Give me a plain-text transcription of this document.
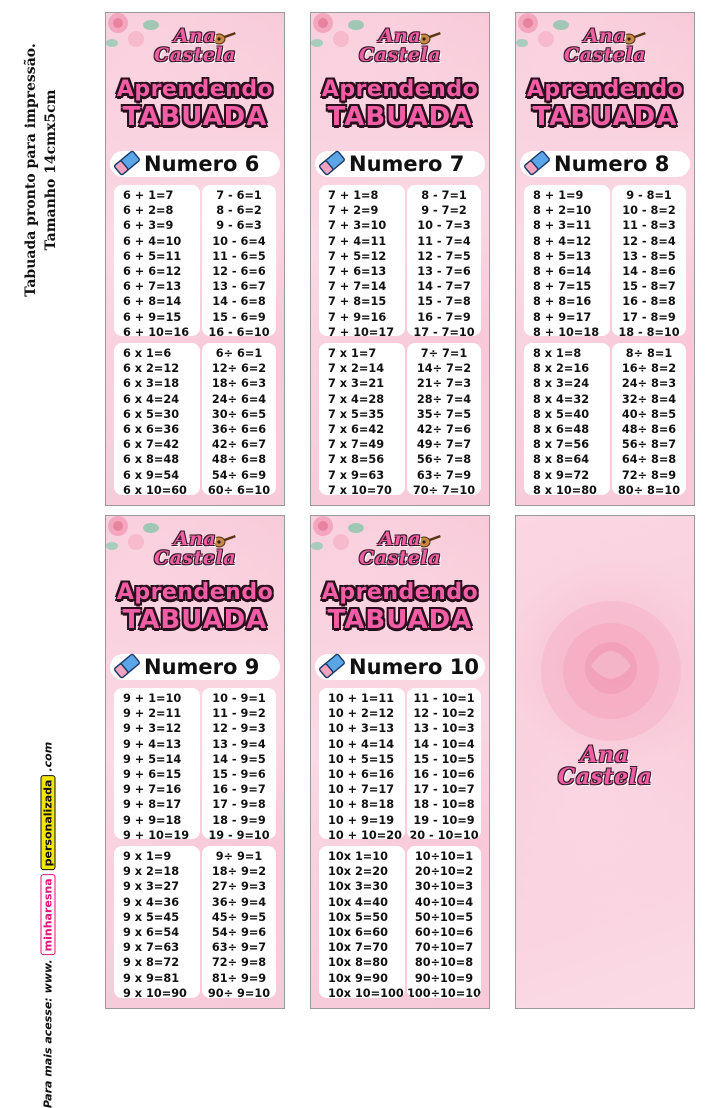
Tabuada pronto para impressão. Tamanho 14cmx5cm
Para mais acesse:
www.
minharesna
personalizada
.com	Ana
Castela
Ana
Castela
Aprendendo
TABUADA
Numero 6
6 + 1=7
6 + 2=8
6 + 3=9
6 + 4=10
6 + 5=11
6 + 6=12
6 + 7=13
6 + 8=14
6 + 9=15
6 + 10=16
7 - 6=1
8 - 6=2
9 - 6=3
10 - 6=4
11 - 6=5
12 - 6=6
13 - 6=7
14 - 6=8
15 - 6=9
16 - 6=10
6 x 1=6
6 x 2=12
6 x 3=18
6 x 4=24
6 x 5=30
6 x 6=36
6 x 7=42
6 x 8=48
6 x 9=54
6 x 10=60
6÷ 6=1
12÷ 6=2
18÷ 6=3
24÷ 6=4
30÷ 6=5
36÷ 6=6
42÷ 6=7
48÷ 6=8
54÷ 6=9
60÷ 6=10
Ana
Castela
Aprendendo
TABUADA
Numero 7
7 + 1=8
7 + 2=9
7 + 3=10
7 + 4=11
7 + 5=12
7 + 6=13
7 + 7=14
7 + 8=15
7 + 9=16
7 + 10=17
8 - 7=1
9 - 7=2
10 - 7=3
11 - 7=4
12 - 7=5
13 - 7=6
14 - 7=7
15 - 7=8
16 - 7=9
17 - 7=10
7 x 1=7
7 x 2=14
7 x 3=21
7 x 4=28
7 x 5=35
7 x 6=42
7 x 7=49
7 x 8=56
7 x 9=63
7 x 10=70
7÷ 7=1
14÷ 7=2
21÷ 7=3
28÷ 7=4
35÷ 7=5
42÷ 7=6
49÷ 7=7
56÷ 7=8
63÷ 7=9
70÷ 7=10
Ana
Castela
Aprendendo
TABUADA
Numero 8
8 + 1=9
8 + 2=10
8 + 3=11
8 + 4=12
8 + 5=13
8 + 6=14
8 + 7=15
8 + 8=16
8 + 9=17
8 + 10=18
9 - 8=1
10 - 8=2
11 - 8=3
12 - 8=4
13 - 8=5
14 - 8=6
15 - 8=7
16 - 8=8
17 - 8=9
18 - 8=10
8 x 1=8
8 x 2=16
8 x 3=24
8 x 4=32
8 x 5=40
8 x 6=48
8 x 7=56
8 x 8=64
8 x 9=72
8 x 10=80
8÷ 8=1
16÷ 8=2
24÷ 8=3
32÷ 8=4
40÷ 8=5
48÷ 8=6
56÷ 8=7
64÷ 8=8
72÷ 8=9
80÷ 8=10
Ana
Castela
Aprendendo
TABUADA
Numero 9
9 + 1=10
9 + 2=11
9 + 3=12
9 + 4=13
9 + 5=14
9 + 6=15
9 + 7=16
9 + 8=17
9 + 9=18
9 + 10=19
10 - 9=1
11 - 9=2
12 - 9=3
13 - 9=4
14 - 9=5
15 - 9=6
16 - 9=7
17 - 9=8
18 - 9=9
19 - 9=10
9 x 1=9
9 x 2=18
9 x 3=27
9 x 4=36
9 x 5=45
9 x 6=54
9 x 7=63
9 x 8=72
9 x 9=81
9 x 10=90
9÷ 9=1
18÷ 9=2
27÷ 9=3
36÷ 9=4
45÷ 9=5
54÷ 9=6
63÷ 9=7
72÷ 9=8
81÷ 9=9
90÷ 9=10
Ana
Castela
Aprendendo
TABUADA
Numero 10
10 + 1=11
10 + 2=12
10 + 3=13
10 + 4=14
10 + 5=15
10 + 6=16
10 + 7=17
10 + 8=18
10 + 9=19
10 + 10=20
11 - 10=1
12 - 10=2
13 - 10=3
14 - 10=4
15 - 10=5
16 - 10=6
17 - 10=7
18 - 10=8
19 - 10=9
20 - 10=10
10x 1=10
10x 2=20
10x 3=30
10x 4=40
10x 5=50
10x 6=60
10x 7=70
10x 8=80
10x 9=90
10x 10=100
10÷10=1
20÷10=2
30÷10=3
40÷10=4
50÷10=5
60÷10=6
70÷10=7
80÷10=8
90÷10=9
100÷10=10
